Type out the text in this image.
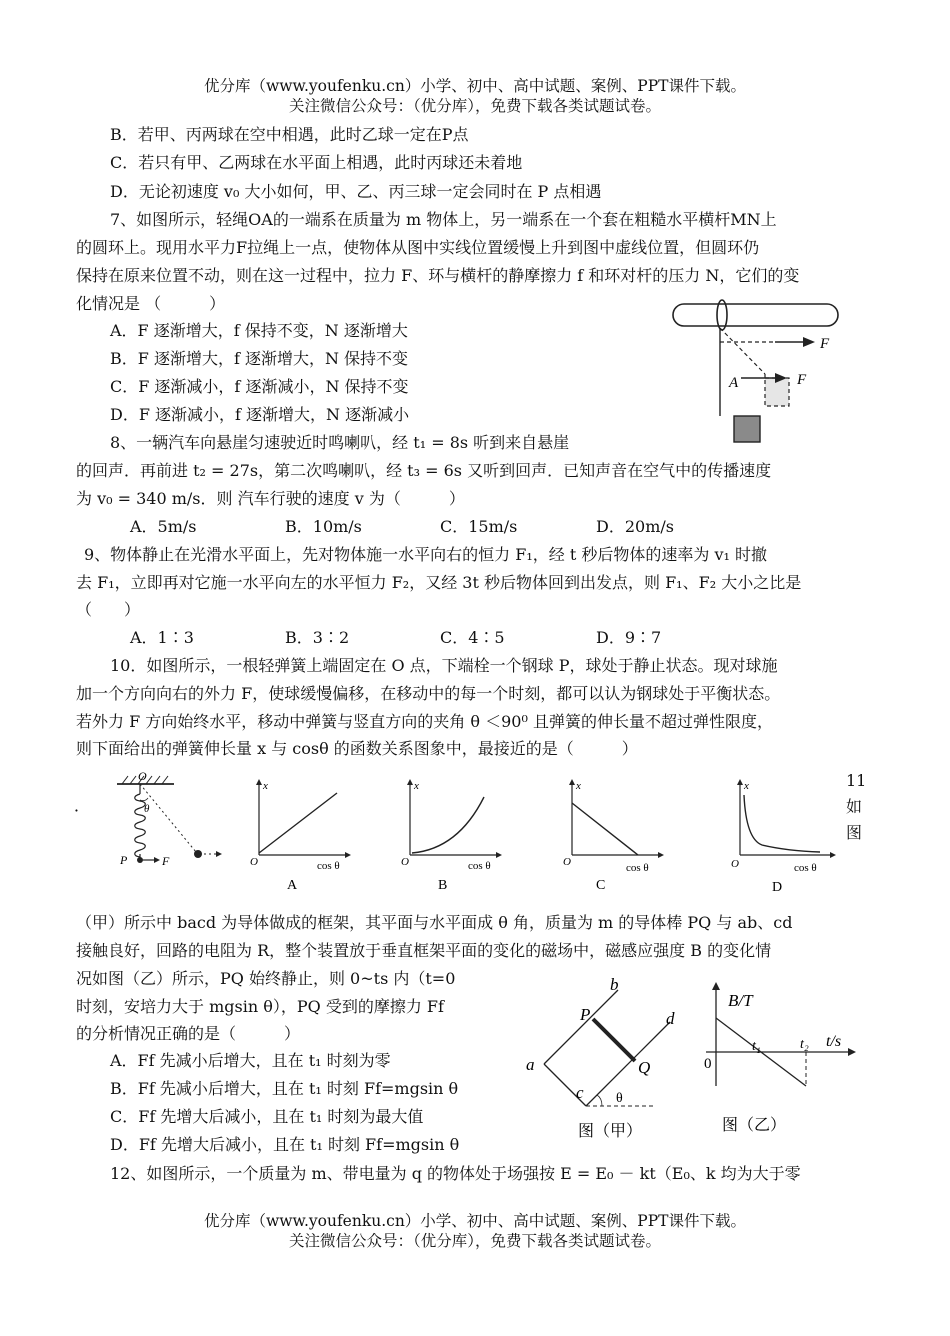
优分库（www.youfenku.cn）小学、初中、高中试题、案例、PPT课件下载。
关注微信公众号：（优分库），免费下载各类试题试卷。
B．若甲、丙两球在空中相遇，此时乙球一定在P点
C．若只有甲、乙两球在水平面上相遇，此时丙球还未着地
D．无论初速度 v₀ 大小如何，甲、乙、丙三球一定会同时在 P 点相遇
7、如图所示，轻绳OA的一端系在质量为 m 物体上，另一端系在一个套在粗糙水平横杆MN上
的圆环上。现用水平力F拉绳上一点，使物体从图中实线位置缓慢上升到图中虚线位置，但圆环仍
保持在原来位置不动，则在这一过程中，拉力 F、环与横杆的静摩擦力 f 和环对杆的压力 N，它们的变
化情况是 （　　　）
A．F 逐渐增大，f 保持不变，N 逐渐增大
B．F 逐渐增大，f 逐渐增大，N 保持不变
C．F 逐渐减小，f 逐渐减小，N 保持不变
D．F 逐渐减小，f 逐渐增大，N 逐渐减小
F
F
A
8、一辆汽车向悬崖匀速驶近时鸣喇叭，经 t₁ = 8s 听到来自悬崖
的回声．再前进 t₂ = 27s，第二次鸣喇叭，经 t₃ = 6s 又听到回声．已知声音在空气中的传播速度
为 v₀ = 340 m/s．则 汽车行驶的速度 v 为（　　　）
A．5m/s	B．10m/s	C．15m/s	D．20m/s
9、物体静止在光滑水平面上，先对物体施一水平向右的恒力 F₁，经 t 秒后物体的速率为 v₁ 时撤
去 F₁，立即再对它施一水平向左的水平恒力 F₂，又经 3t 秒后物体回到出发点，则 F₁、F₂ 大小之比是
（　　）
A．1∶3	B．3∶2	C．4∶5	D．9∶7
10．如图所示，一根轻弹簧上端固定在 O 点，下端栓一个钢球 P，球处于静止状态。现对球施
加一个方向向右的外力 F，使球缓慢偏移，在移动中的每一个时刻，都可以认为钢球处于平衡状态。
若外力 F 方向始终水平，移动中弹簧与竖直方向的夹角 θ ＜90⁰ 且弹簧的伸长量不超过弹性限度，
则下面给出的弹簧伸长量 x 与 cosθ 的函数关系图象中，最接近的是（　　　）
．
O
θ
P	F
x
O	cos θ
A
x
O	cos θ
B
x
O	cos θ
C
x
O	cos θ
D
11
如
图
（甲）所示中 bacd 为导体做成的框架，其平面与水平面成 θ 角，质量为 m 的导体棒 PQ 与 ab、cd
接触良好，回路的电阻为 R，整个装置放于垂直框架平面的变化的磁场中，磁感应强度 B 的变化情
况如图（乙）所示，PQ 始终静止，则 0~ts 内（t=0
时刻，安培力大于 mgsin θ），PQ 受到的摩擦力 Ff
的分析情况正确的是（　　　）
A．Ff 先减小后增大，且在 t₁ 时刻为零
B．Ff 先减小后增大，且在 t₁ 时刻 Ff=mgsin θ
C．Ff 先增大后减小，且在 t₁ 时刻为最大值
D．Ff 先增大后减小，且在 t₁ 时刻 Ff=mgsin θ
a
b
c
d
P
Q
θ
图（甲）
B/T
t/s
0
t₁	t₂
图（乙）
12、如图所示，一个质量为 m、带电量为 q 的物体处于场强按 E = E₀ － kt（E₀、k 均为大于零
优分库（www.youfenku.cn）小学、初中、高中试题、案例、PPT课件下载。
关注微信公众号：（优分库），免费下载各类试题试卷。
